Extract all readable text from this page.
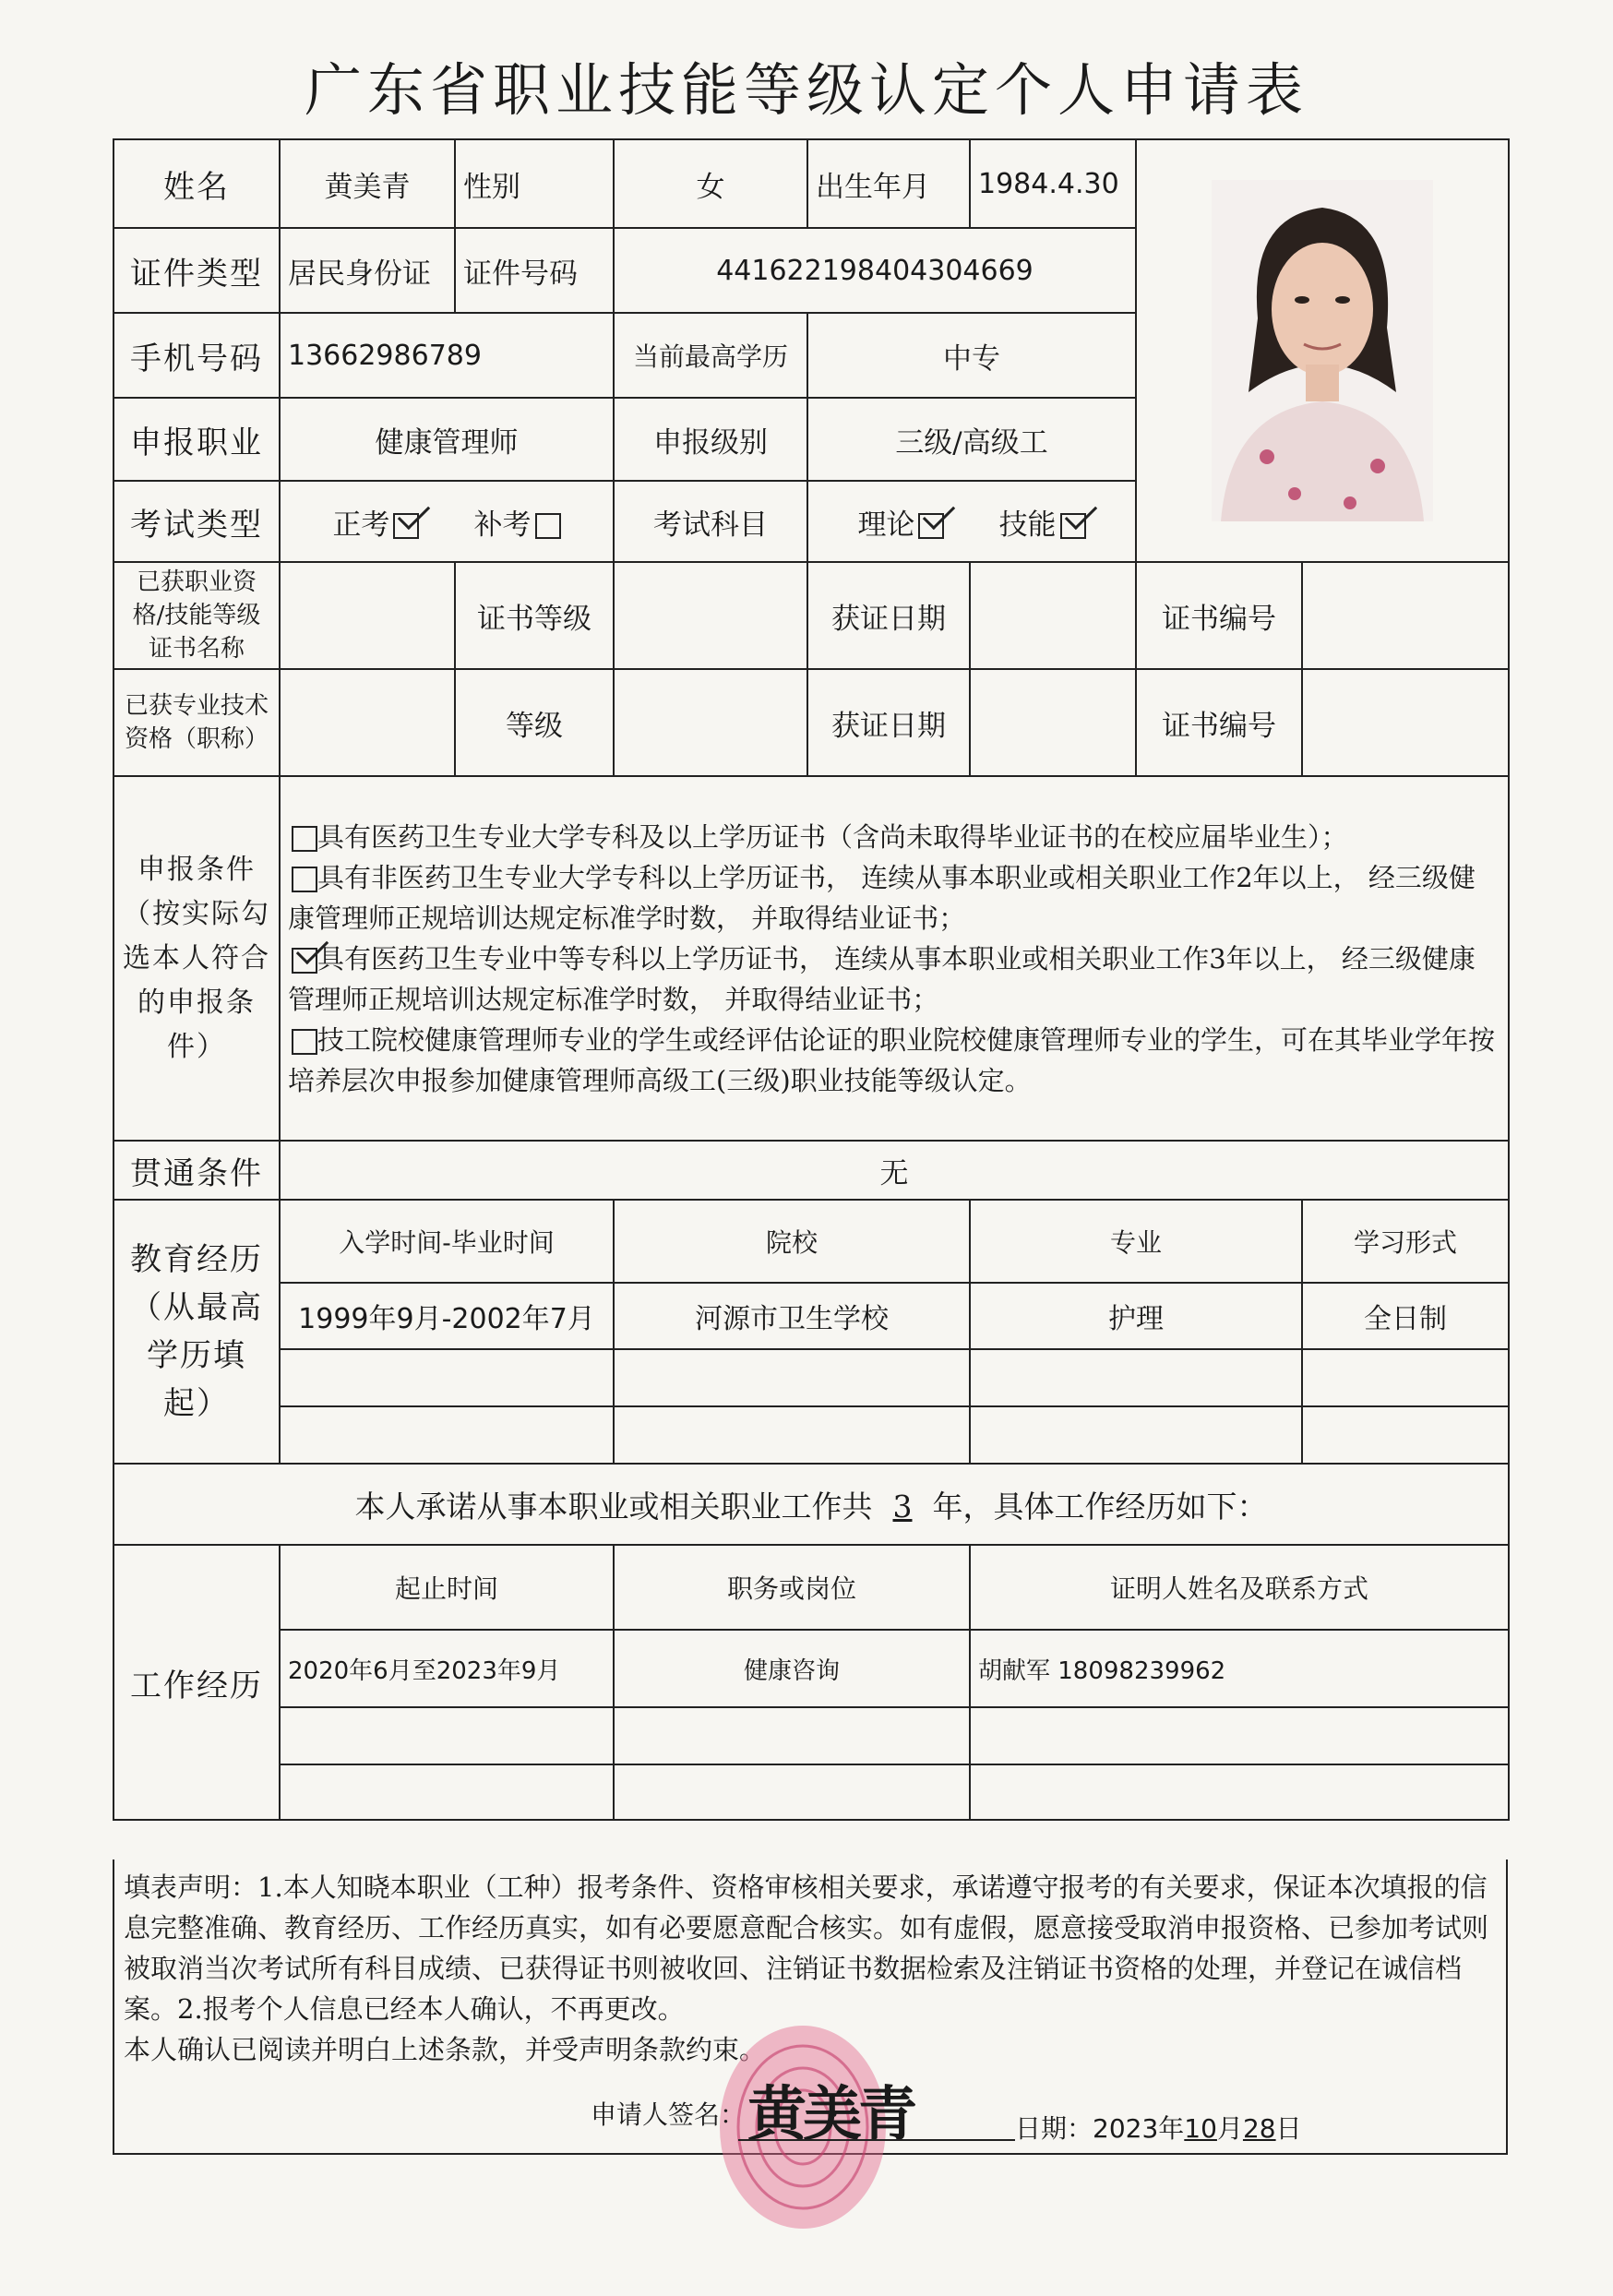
广东省职业技能等级认定个人申请表
姓名	黄美青	性别	女	出生年月	1984.4.30	

证件类型	居民身份证	证件号码	441622198404304669				
手机号码	13662986789		当前最高学历	中专			
申报职业	健康管理师		申报级别	三级/高级工			
考试类型	正考 补考		考试科目	理论 技能			
已获职业资格/技能等级证书名称		证书等级		获证日期		证书编号	
已获专业技术资格（职称）		等级		获证日期		证书编号	
申报条件（按实际勾选本人符合的申报条件）	具有医药卫生专业大学专科及以上学历证书（含尚未取得毕业证书的在校应届毕业生）；

具有非医药卫生专业大学专科以上学历证书， 连续从事本职业或相关职业工作2年以上， 经三级健康管理师正规培训达规定标准学时数， 并取得结业证书；

具有医药卫生专业中等专科以上学历证书， 连续从事本职业或相关职业工作3年以上， 经三级健康管理师正规培训达规定标准学时数， 并取得结业证书；

技工院校健康管理师专业的学生或经评估论证的职业院校健康管理师专业的学生，可在其毕业学年按培养层次申报参加健康管理师高级工(三级)职业技能等级认定。						

贯通条件	无						
教育经历（从最高学历填起）	入学时间-毕业时间		院校		专业		学习形式
	1999年9月-2002年7月		河源市卫生学校		护理		全日制

本人承诺从事本职业或相关职业工作共 3 年，具体工作经历如下：							
工作经历	起止时间		职务或岗位		证明人姓名及联系方式		
	2020年6月至2023年9月		健康咨询		胡献军 18098239962		

填表声明：1.本人知晓本职业（工种）报考条件、资格审核相关要求，承诺遵守报考的有关要求，保证本次填报的信息完整准确、教育经历、工作经历真实，如有必要愿意配合核实。如有虚假，愿意接受取消申报资格、已参加考试则被取消当次考试所有科目成绩、已获得证书则被收回、注销证书数据检索及注销证书资格的处理，并登记在诚信档案。2.报考个人信息已经本人确认，不再更改。
本人确认已阅读并明白上述条款，并受声明条款约束。
申请人签名： 黄美青	日期：2023年10月28日
